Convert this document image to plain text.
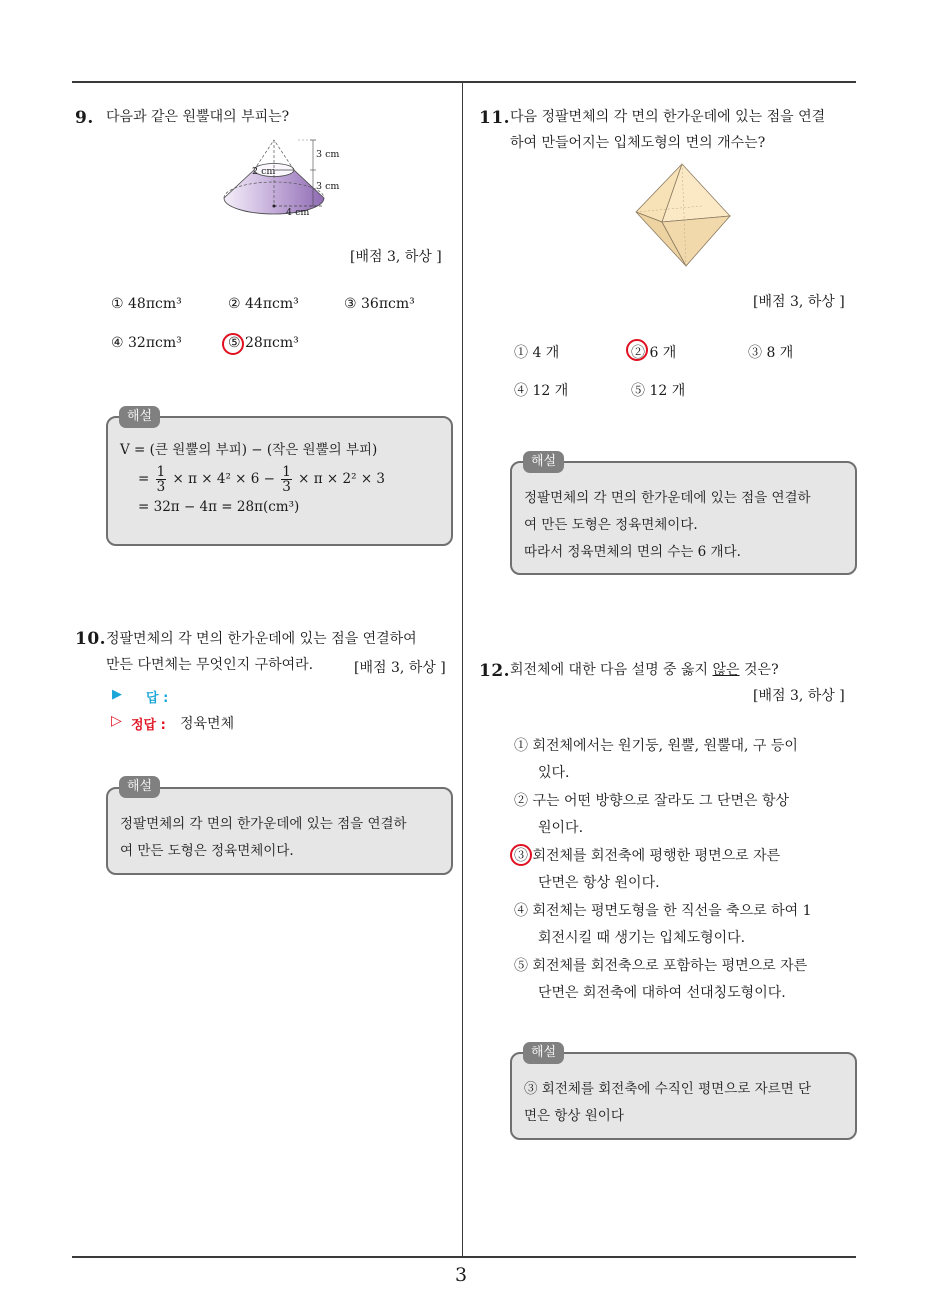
3
9. 다음과 같은 원뿔대의 부피는?
3 cm
3 cm
2 cm
4 cm
[배점 3, 하상 ]
① 48πcm³	② 44πcm³	③ 36πcm³
④ 32πcm³	⑤ 28πcm³
V = (큰 원뿔의 부피) − (작은 원뿔의 부피)
= $\frac{1}{3} \times \pi \times 4^2 \times 6 - \frac{1}{3} \times \pi \times 2^2 \times 3$
= 32π − 4π = 28π(cm³)
해설
10. 정팔면체의 각 면의 한가운데에 있는 점을 연결하여
만든 다면체는 무엇인지 구하여라.	[배점 3, 하상 ]
▶ 답 :
▷ 정답 : 정육면체
정팔면체의 각 면의 한가운데에 있는 점을 연결하
여 만든 도형은 정육면체이다.
해설
11. 다음 정팔면체의 각 면의 한가운데에 있는 점을 연결
하여 만들어지는 입체도형의 면의 개수는?
[배점 3, 하상 ]
① 4 개	② 6 개	③ 8 개
④ 12 개	⑤ 12 개
정팔면체의 각 면의 한가운데에 있는 점을 연결하
여 만든 도형은 정육면체이다.
따라서 정육면체의 면의 수는 6 개다.
해설
12. 회전체에 대한 다음 설명 중 옳지 않은 것은?
[배점 3, 하상 ]
① 회전체에서는 원기둥, 원뿔, 원뿔대, 구 등이
있다.
② 구는 어떤 방향으로 잘라도 그 단면은 항상
원이다.
③ 회전체를 회전축에 평행한 평면으로 자른
단면은 항상 원이다.
④ 회전체는 평면도형을 한 직선을 축으로 하여 1
회전시킬 때 생기는 입체도형이다.
⑤ 회전체를 회전축으로 포함하는 평면으로 자른
단면은 회전축에 대하여 선대칭도형이다.
③ 회전체를 회전축에 수직인 평면으로 자르면 단
면은 항상 원이다
해설
